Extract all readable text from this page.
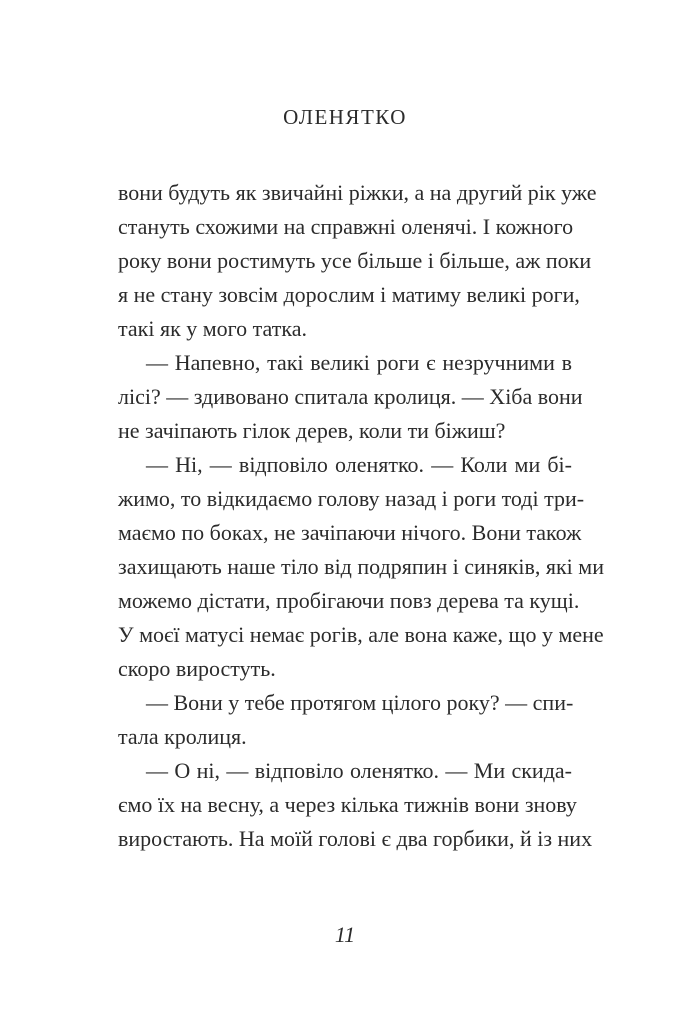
ОЛЕНЯТКО
вони будуть як звичайні ріжки, а на другий рік уже
стануть схожими на справжні оленячі. І кожного
року вони ростимуть усе більше і більше, аж поки
я не стану зовсім дорослим і матиму великі роги,
такі як у мого татка.
— Напевно, такі великі роги є незручними в
лісі? — здивовано спитала кролиця. — Хіба вони
не зачіпають гілок дерев, коли ти біжиш?
— Ні, — відповіло оленятко. — Коли ми бі-
жимо, то відкидаємо голову назад і роги тоді три-
маємо по боках, не зачіпаючи нічого. Вони також
захищають наше тіло від подряпин і синяків, які ми
можемо дістати, пробігаючи повз дерева та кущі.
У моєї матусі немає рогів, але вона каже, що у мене
скоро виростуть.
— Вони у тебе протягом цілого року? — спи-
тала кролиця.
— О ні, — відповіло оленятко. — Ми скида-
ємо їх на весну, а через кілька тижнів вони знову
виростають. На моїй голові є два горбики, й із них
11
